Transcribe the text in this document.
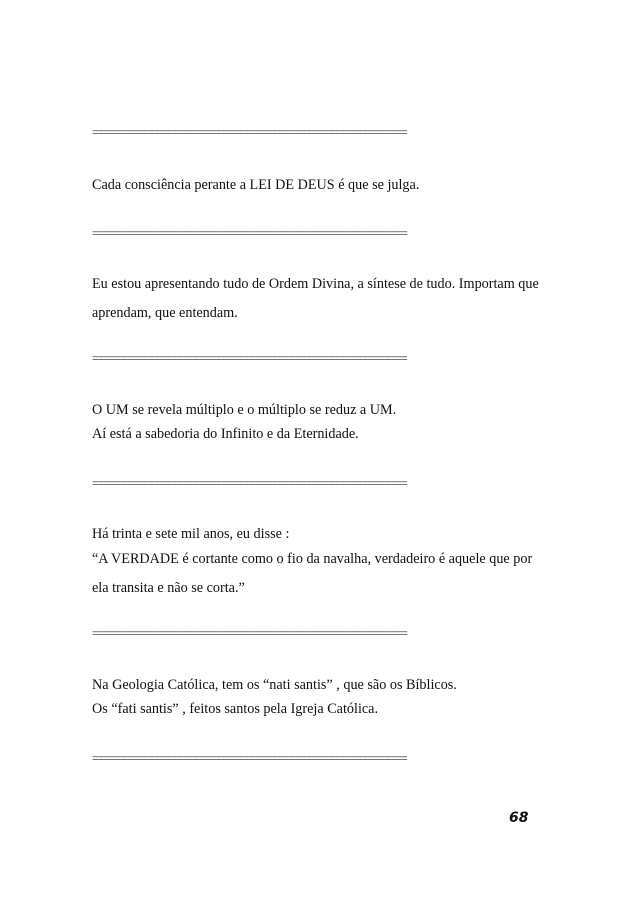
========================================================
Cada consciência perante a LEI DE DEUS é que se julga.
========================================================
Eu estou apresentando tudo de Ordem Divina, a síntese de tudo. Importam que
aprendam, que entendam.
========================================================
O UM se revela múltiplo e o múltiplo se reduz a UM.
Aí está a sabedoria do Infinito e da Eternidade.
========================================================
Há trinta e sete mil anos, eu disse :
“A VERDADE é cortante como o fio da navalha, verdadeiro é aquele que por
ela transita e não se corta.”
========================================================
Na Geologia Católica, tem os “nati santis” , que são os Bíblicos.
Os “fati santis” , feitos santos pela Igreja Católica.
========================================================
68
